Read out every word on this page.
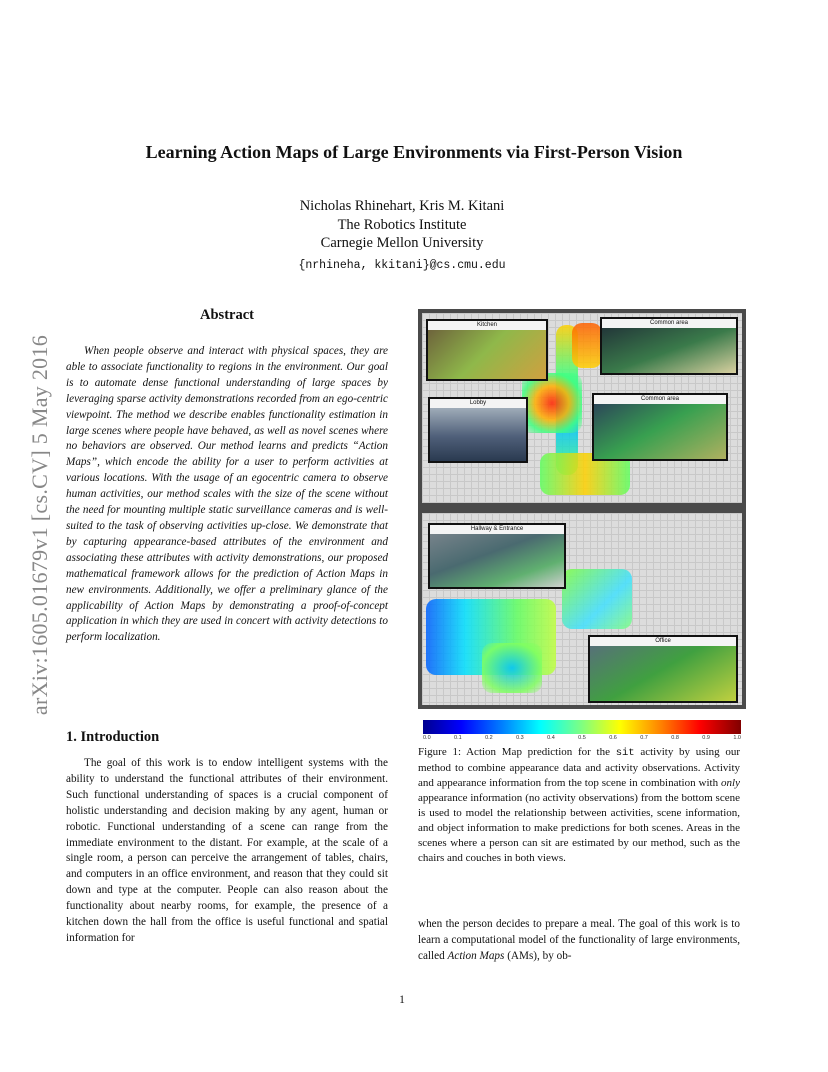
arXiv:1605.01679v1 [cs.CV] 5 May 2016
Learning Action Maps of Large Environments via First-Person Vision
Nicholas Rhinehart, Kris M. Kitani
The Robotics Institute
Carnegie Mellon University
{nrhineha, kkitani}@cs.cmu.edu
Abstract
When people observe and interact with physical spaces, they are able to associate functionality to regions in the environment. Our goal is to automate dense functional understanding of large spaces by leveraging sparse activity demonstrations recorded from an ego-centric viewpoint. The method we describe enables functionality estimation in large scenes where people have behaved, as well as novel scenes where no behaviors are observed. Our method learns and predicts “Action Maps”, which encode the ability for a user to perform activities at various locations. With the usage of an egocentric camera to observe human activities, our method scales with the size of the scene without the need for mounting multiple static surveillance cameras and is well-suited to the task of observing activities up-close. We demonstrate that by capturing appearance-based attributes of the environment and associating these attributes with activity demonstrations, our proposed mathematical framework allows for the prediction of Action Maps in new environments. Additionally, we offer a preliminary glance of the applicability of Action Maps by demonstrating a proof-of-concept application in which they are used in concert with activity detections to perform localization.
1. Introduction
The goal of this work is to endow intelligent systems with the ability to understand the functional attributes of their environment. Such functional understanding of spaces is a crucial component of holistic understanding and decision making by any agent, human or robotic. Functional understanding of a scene can range from the immediate environment to the distant. For example, at the scale of a single room, a person can perceive the arrangement of tables, chairs, and computers in an office environment, and reason that they could sit down and type at the computer. People can also reason about the functionality about nearby rooms, for example, the presence of a kitchen down the hall from the office is useful functional and spatial information for
Kitchen	Common area
Lobby
Common area
Hallway & Entrance
Office
0.0	0.1	0.2	0.3	0.4	0.5	0.6	0.7	0.8	0.9	1.0
Figure 1: Action Map prediction for the sit activity by using our method to combine appearance data and activity observations. Activity and appearance information from the top scene in combination with only appearance information (no activity observations) from the bottom scene is used to model the relationship between activities, scene information, and object information to make predictions for both scenes. Areas in the scenes where a person can sit are estimated by our method, such as the chairs and couches in both views.
when the person decides to prepare a meal. The goal of this work is to learn a computational model of the functionality of large environments, called Action Maps (AMs), by ob-
1
